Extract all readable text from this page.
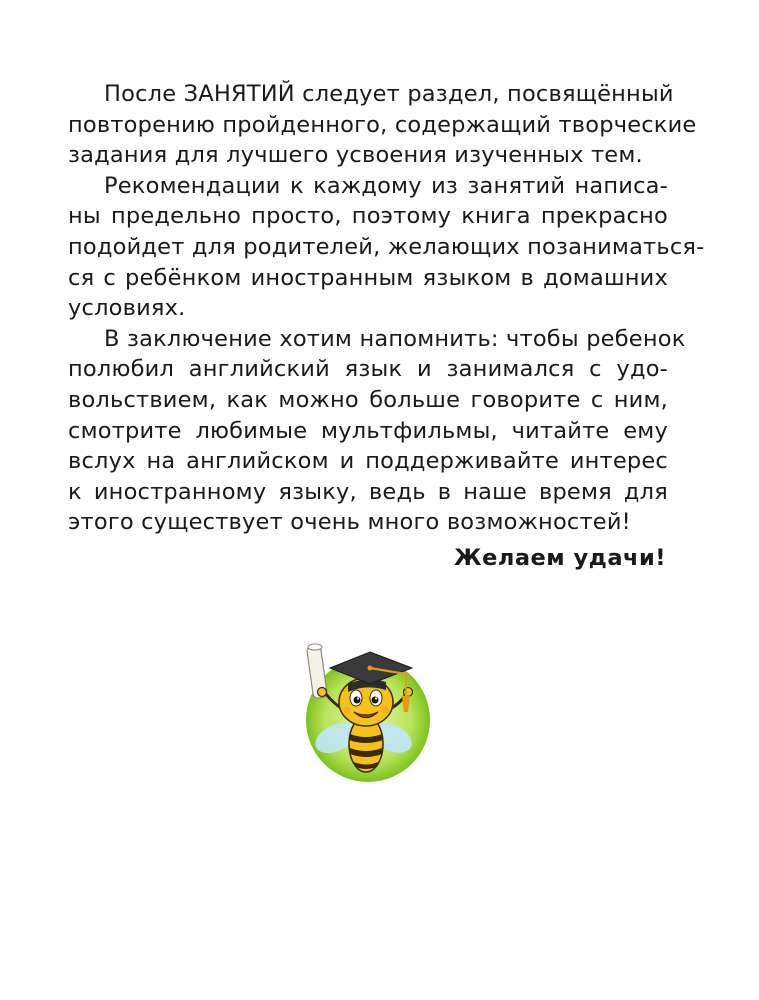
После ЗАНЯТИЙ следует раздел, посвящённый
повторению пройденного, содержащий творческие
задания для лучшего усвоения изученных тем.
Рекомендации к каждому из занятий написа-
ны предельно просто, поэтому книга прекрасно
подойдет для родителей, желающих позаниматься-
ся с ребёнком иностранным языком в домашних
условиях.
В заключение хотим напомнить: чтобы ребенок
полюбил английский язык и занимался с удо-
вольствием, как можно больше говорите с ним,
смотрите любимые мультфильмы, читайте ему
вслух на английском и поддерживайте интерес
к иностранному языку, ведь в наше время для
этого существует очень много возможностей!
Желаем удачи!
